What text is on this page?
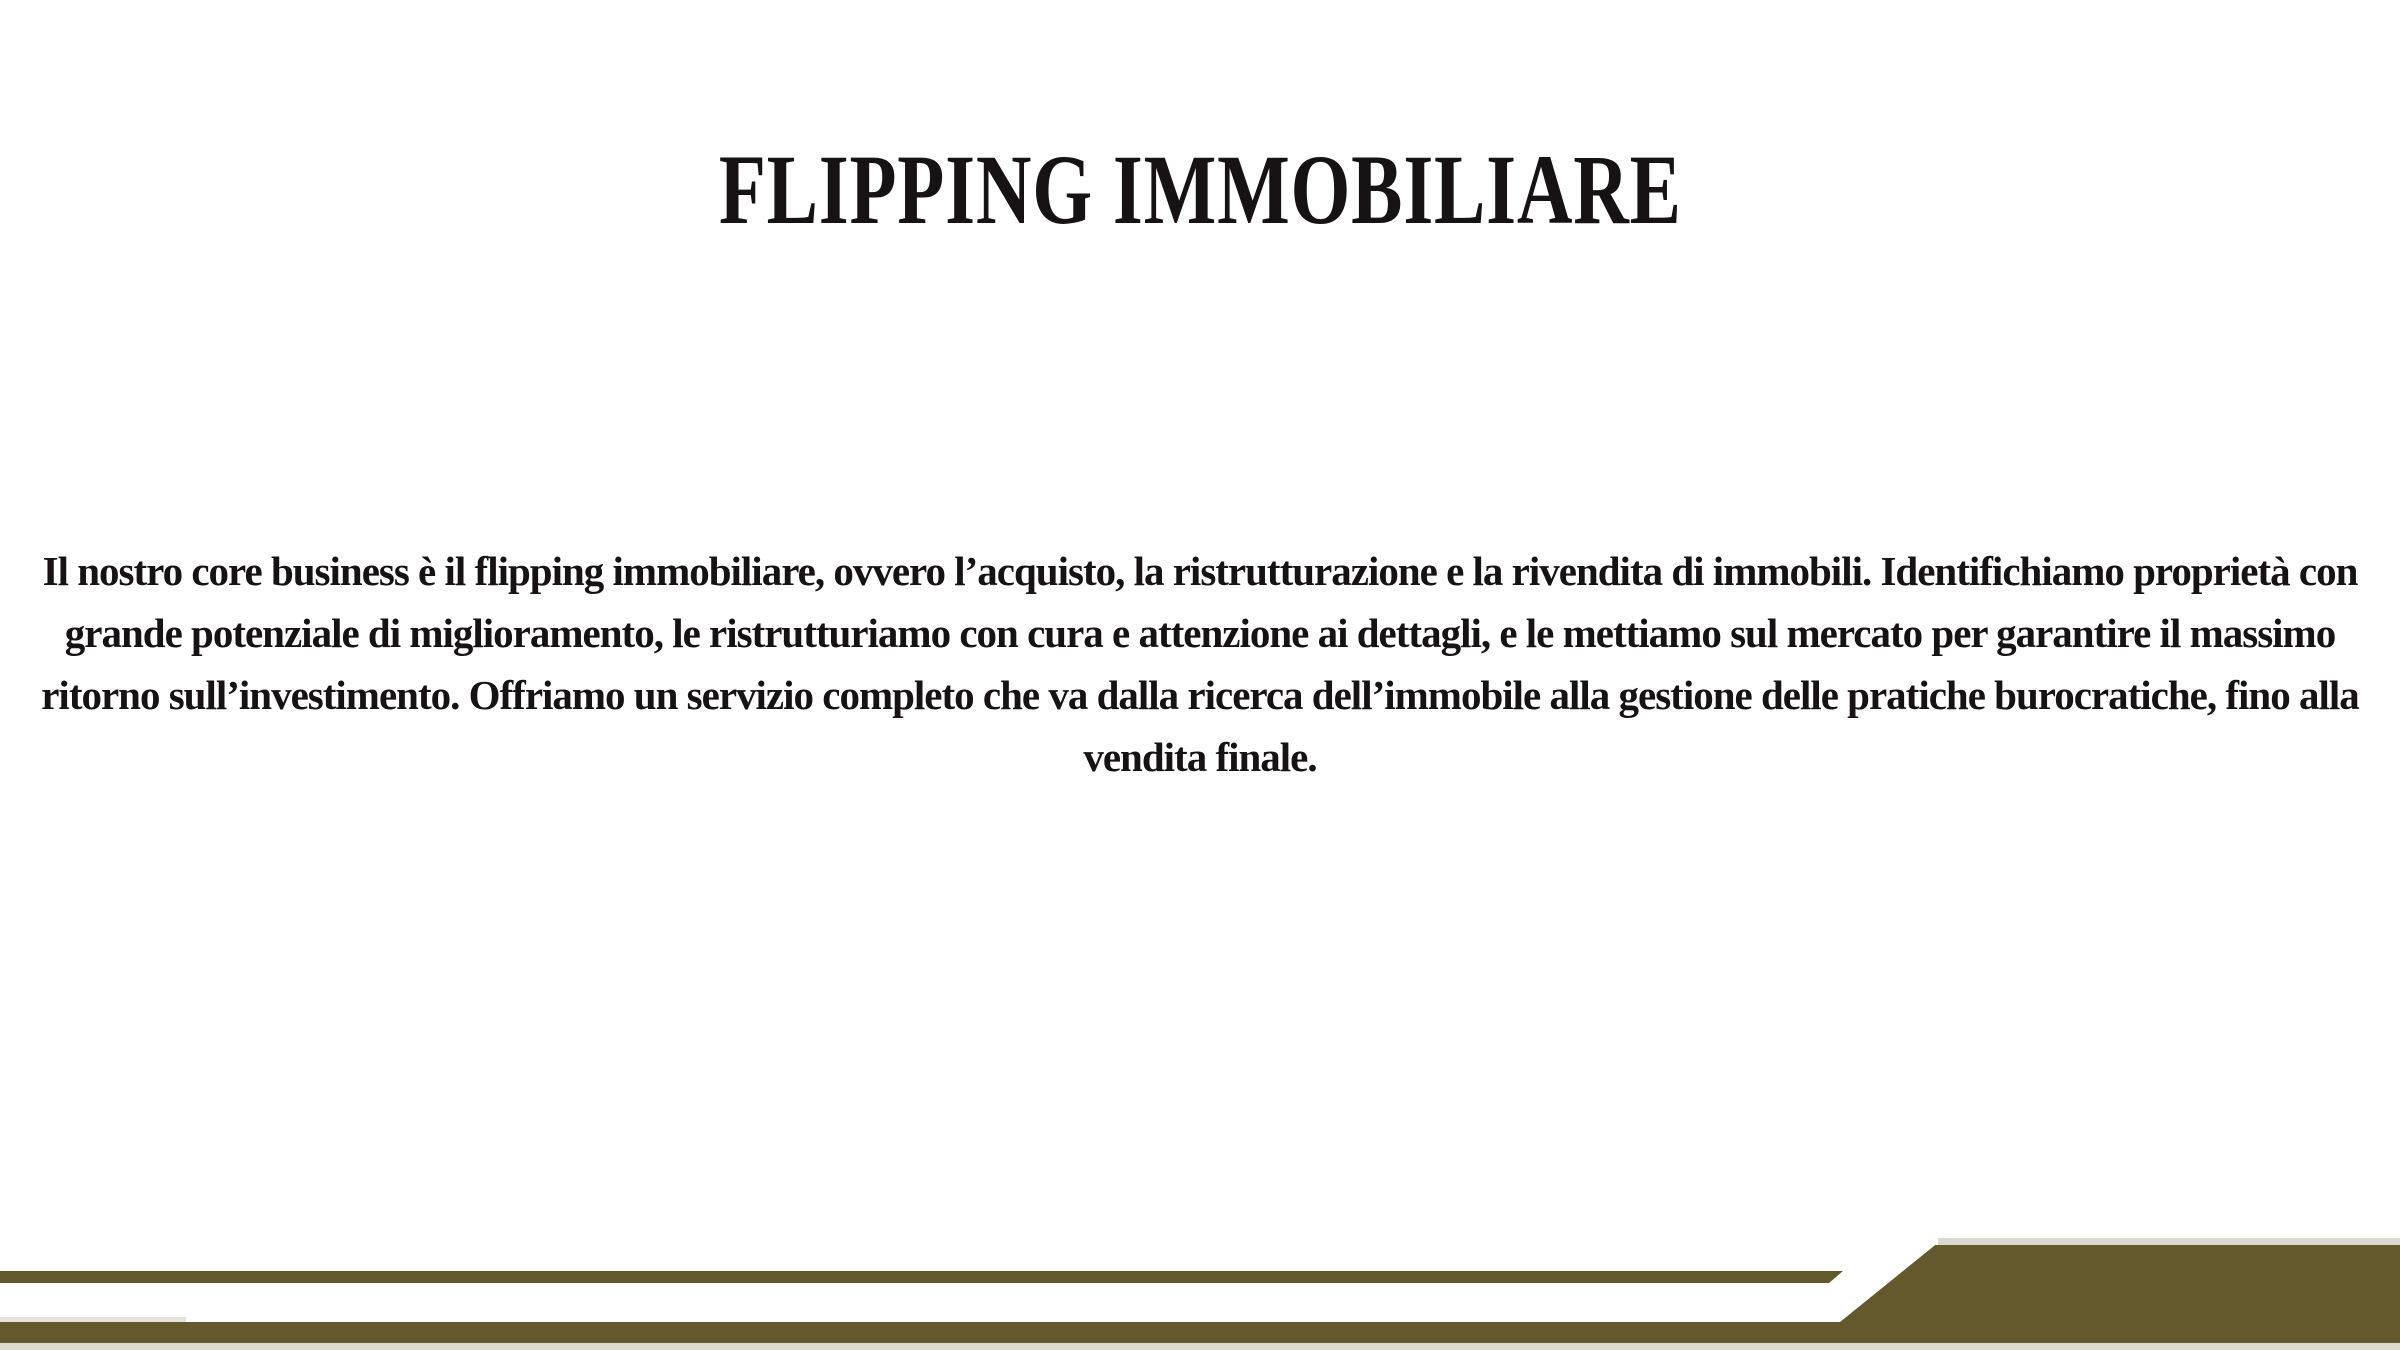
FLIPPING IMMOBILIARE
Il nostro core business è il flipping immobiliare, ovvero l’acquisto, la ristrutturazione e la rivendita di immobili. Identifichiamo proprietà con grande potenziale di miglioramento, le ristrutturiamo con cura e attenzione ai dettagli, e le mettiamo sul mercato per garantire il massimo ritorno sull’investimento. Offriamo un servizio completo che va dalla ricerca dell’immobile alla gestione delle pratiche burocratiche, fino alla vendita finale.
